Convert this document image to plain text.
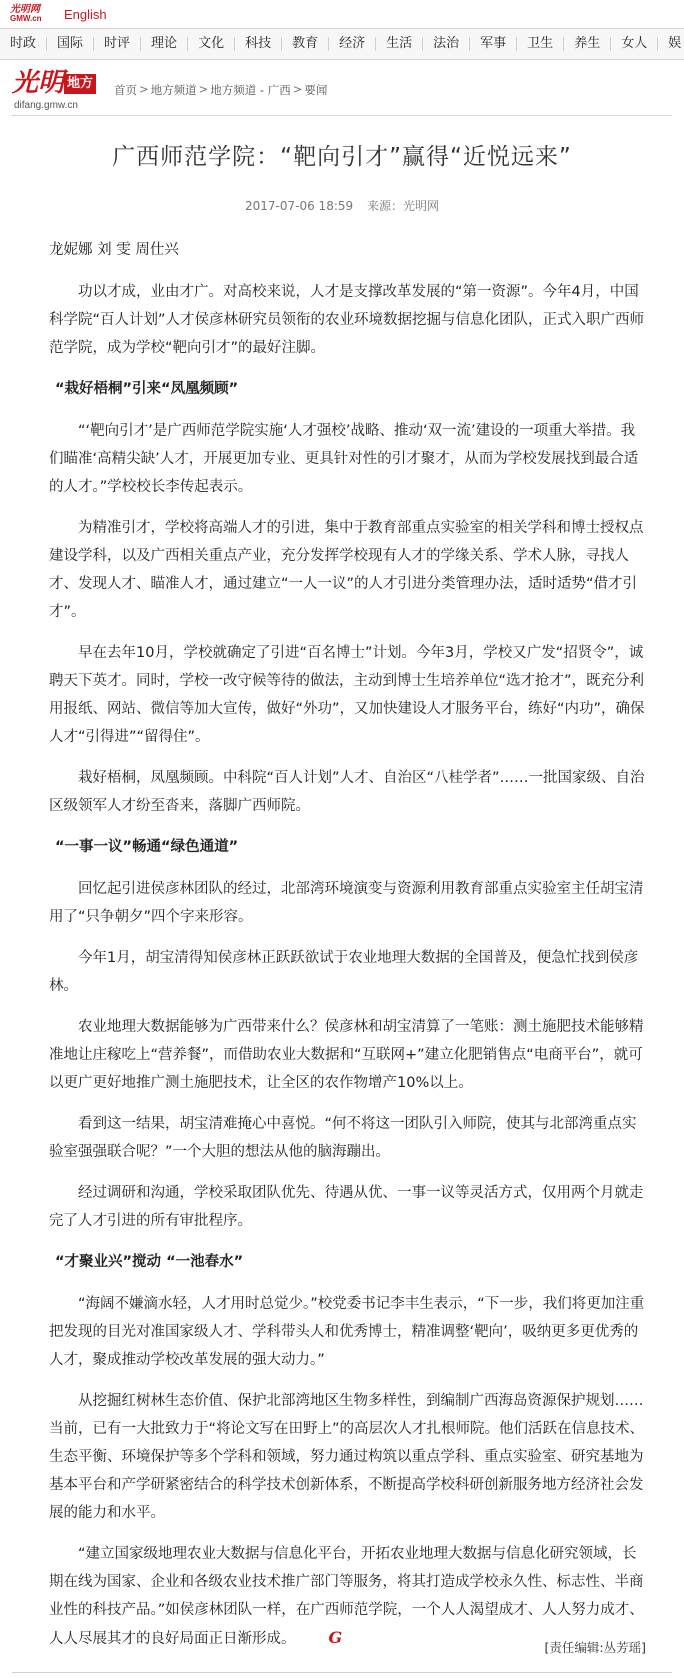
光明网
GMW.cn	English
时政	国际	时评	理论	文化	科技	教育	经济	生活	法治	军事	卫生	养生	女人	娱
光明 地方
difang.gmw.cn
首页 > 地方频道 > 地方频道 - 广西 > 要闻
广西师范学院：“靶向引才”赢得“近悦远来”
2017-07-06 18:59 来源：光明网

龙妮娜 刘 雯 周仕兴

功以才成，业由才广。对高校来说，人才是支撑改革发展的“第一资源”。今年4月，中国科学院“百人计划”人才侯彦林研究员领衔的农业环境数据挖掘与信息化团队，正式入职广西师范学院，成为学校“靶向引才”的最好注脚。

“栽好梧桐”引来“凤凰频顾”

“‘靶向引才’是广西师范学院实施‘人才强校’战略、推动‘双一流’建设的一项重大举措。我们瞄准‘高精尖缺’人才，开展更加专业、更具针对性的引才聚才，从而为学校发展找到最合适的人才。”学校校长李传起表示。

为精准引才，学校将高端人才的引进，集中于教育部重点实验室的相关学科和博士授权点建设学科，以及广西相关重点产业，充分发挥学校现有人才的学缘关系、学术人脉，寻找人才、发现人才、瞄准人才，通过建立“一人一议”的人才引进分类管理办法，适时适势“借才引才”。

早在去年10月，学校就确定了引进“百名博士”计划。今年3月，学校又广发“招贤令”，诚聘天下英才。同时，学校一改守候等待的做法，主动到博士生培养单位“选才抢才”，既充分利用报纸、网站、微信等加大宣传，做好“外功”，又加快建设人才服务平台，练好“内功”，确保人才“引得进”“留得住”。

栽好梧桐，凤凰频顾。中科院“百人计划”人才、自治区“八桂学者”……一批国家级、自治区级领军人才纷至沓来，落脚广西师院。

“一事一议”畅通“绿色通道”

回忆起引进侯彦林团队的经过，北部湾环境演变与资源利用教育部重点实验室主任胡宝清用了“只争朝夕”四个字来形容。

今年1月，胡宝清得知侯彦林正跃跃欲试于农业地理大数据的全国普及，便急忙找到侯彦林。

农业地理大数据能够为广西带来什么？侯彦林和胡宝清算了一笔账：测土施肥技术能够精准地让庄稼吃上“营养餐”，而借助农业大数据和“互联网+”建立化肥销售点“电商平台”，就可以更广更好地推广测土施肥技术，让全区的农作物增产10%以上。

看到这一结果，胡宝清难掩心中喜悦。“何不将这一团队引入师院，使其与北部湾重点实验室强强联合呢？”一个大胆的想法从他的脑海蹦出。

经过调研和沟通，学校采取团队优先、待遇从优、一事一议等灵活方式，仅用两个月就走完了人才引进的所有审批程序。

“才聚业兴”搅动 “一池春水”

“海阔不嫌滴水轻，人才用时总觉少。”校党委书记李丰生表示，“下一步，我们将更加注重把发现的目光对准国家级人才、学科带头人和优秀博士，精准调整‘靶向’，吸纳更多更优秀的人才，聚成推动学校改革发展的强大动力。”

从挖掘红树林生态价值、保护北部湾地区生物多样性，到编制广西海岛资源保护规划……当前，已有一大批致力于“将论文写在田野上”的高层次人才扎根师院。他们活跃在信息技术、生态平衡、环境保护等多个学科和领域，努力通过构筑以重点学科、重点实验室、研究基地为基本平台和产学研紧密结合的科学技术创新体系，不断提高学校科研创新服务地方经济社会发展的能力和水平。

“建立国家级地理农业大数据与信息化平台，开拓农业地理大数据与信息化研究领域，长期在线为国家、企业和各级农业技术推广部门等服务，将其打造成学校永久性、标志性、半商业性的科技产品。”如侯彦林团队一样，在广西师范学院，一个人人渴望成才、人人努力成才、人人尽展其才的良好局面正日渐形成。 G

[责任编辑:丛芳瑶]
